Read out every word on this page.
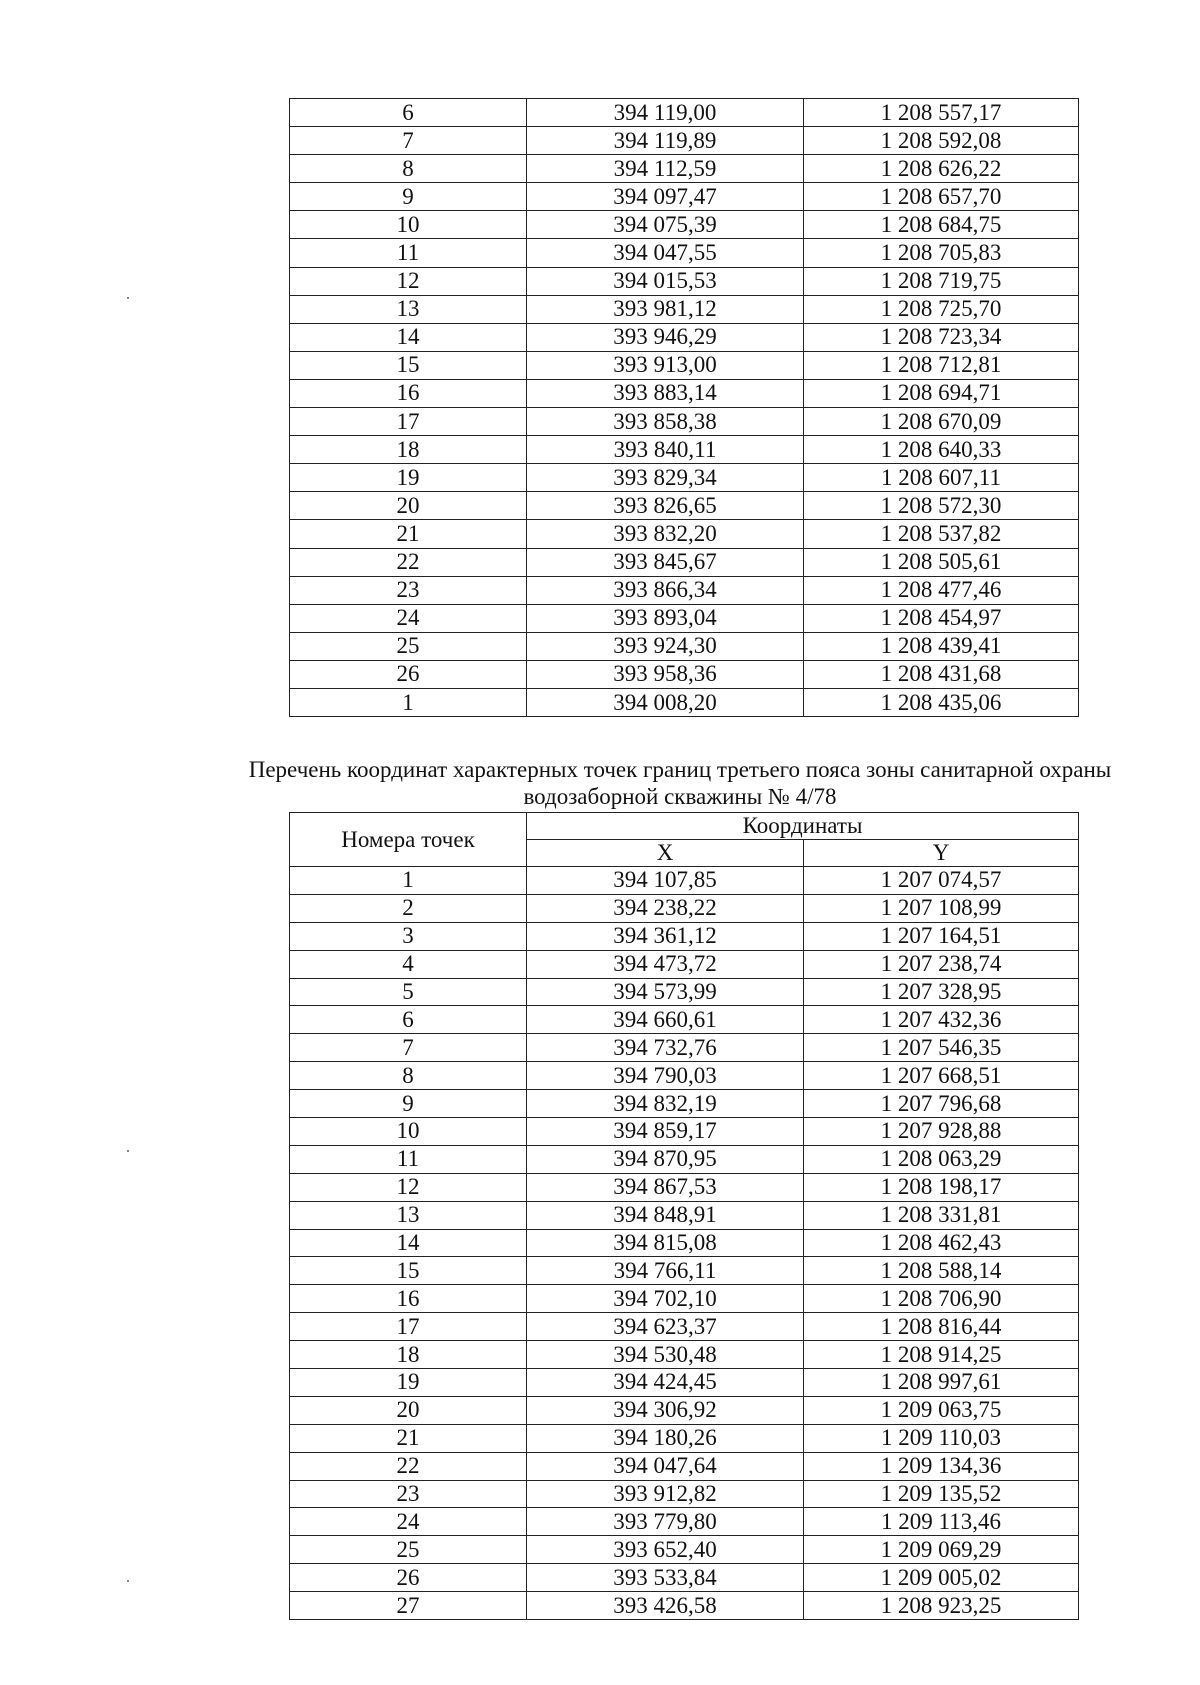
6	394 119,00	1 208 557,17
7	394 119,89	1 208 592,08
8	394 112,59	1 208 626,22
9	394 097,47	1 208 657,70
10	394 075,39	1 208 684,75
11	394 047,55	1 208 705,83
12	394 015,53	1 208 719,75
13	393 981,12	1 208 725,70
14	393 946,29	1 208 723,34
15	393 913,00	1 208 712,81
16	393 883,14	1 208 694,71
17	393 858,38	1 208 670,09
18	393 840,11	1 208 640,33
19	393 829,34	1 208 607,11
20	393 826,65	1 208 572,30
21	393 832,20	1 208 537,82
22	393 845,67	1 208 505,61
23	393 866,34	1 208 477,46
24	393 893,04	1 208 454,97
25	393 924,30	1 208 439,41
26	393 958,36	1 208 431,68
1	394 008,20	1 208 435,06
Перечень координат характерных точек границ третьего пояса зоны санитарной охраны водозаборной скважины № 4/78
Номера точек	Координаты	
	X	Y
1	394 107,85	1 207 074,57
2	394 238,22	1 207 108,99
3	394 361,12	1 207 164,51
4	394 473,72	1 207 238,74
5	394 573,99	1 207 328,95
6	394 660,61	1 207 432,36
7	394 732,76	1 207 546,35
8	394 790,03	1 207 668,51
9	394 832,19	1 207 796,68
10	394 859,17	1 207 928,88
11	394 870,95	1 208 063,29
12	394 867,53	1 208 198,17
13	394 848,91	1 208 331,81
14	394 815,08	1 208 462,43
15	394 766,11	1 208 588,14
16	394 702,10	1 208 706,90
17	394 623,37	1 208 816,44
18	394 530,48	1 208 914,25
19	394 424,45	1 208 997,61
20	394 306,92	1 209 063,75
21	394 180,26	1 209 110,03
22	394 047,64	1 209 134,36
23	393 912,82	1 209 135,52
24	393 779,80	1 209 113,46
25	393 652,40	1 209 069,29
26	393 533,84	1 209 005,02
27	393 426,58	1 208 923,25
